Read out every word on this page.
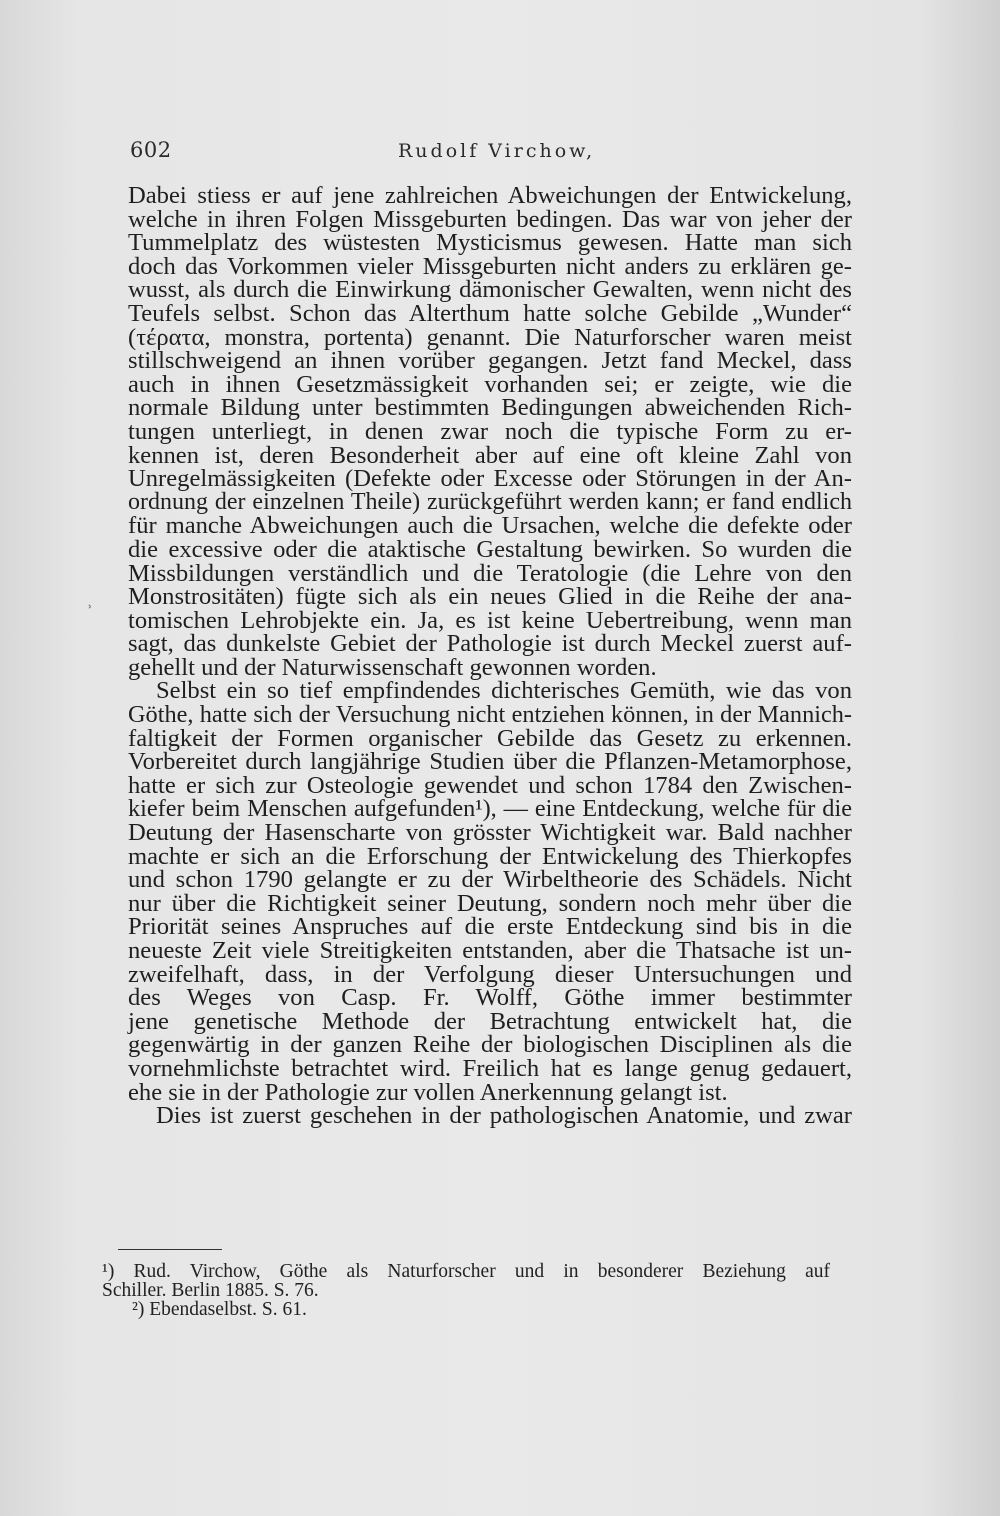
602	Rudolf Virchow,
˒
Dabei stiess er auf jene zahlreichen Abweichungen der Entwickelung,
welche in ihren Folgen Missgeburten bedingen. Das war von jeher der
Tummelplatz des wüstesten Mysticismus gewesen. Hatte man sich
doch das Vorkommen vieler Missgeburten nicht anders zu erklären ge-
wusst, als durch die Einwirkung dämonischer Gewalten, wenn nicht des
Teufels selbst. Schon das Alterthum hatte solche Gebilde „Wunder“
(τέρατα, monstra, portenta) genannt. Die Naturforscher waren meist
stillschweigend an ihnen vorüber gegangen. Jetzt fand Meckel, dass
auch in ihnen Gesetzmässigkeit vorhanden sei; er zeigte, wie die
normale Bildung unter bestimmten Bedingungen abweichenden Rich-
tungen unterliegt, in denen zwar noch die typische Form zu er-
kennen ist, deren Besonderheit aber auf eine oft kleine Zahl von
Unregelmässigkeiten (Defekte oder Excesse oder Störungen in der An-
ordnung der einzelnen Theile) zurückgeführt werden kann; er fand endlich
für manche Abweichungen auch die Ursachen, welche die defekte oder
die excessive oder die ataktische Gestaltung bewirken. So wurden die
Missbildungen verständlich und die Teratologie (die Lehre von den
Monstrositäten) fügte sich als ein neues Glied in die Reihe der ana-
tomischen Lehrobjekte ein. Ja, es ist keine Uebertreibung, wenn man
sagt, das dunkelste Gebiet der Pathologie ist durch Meckel zuerst auf-
gehellt und der Naturwissenschaft gewonnen worden.
Selbst ein so tief empfindendes dichterisches Gemüth, wie das von
Göthe, hatte sich der Versuchung nicht entziehen können, in der Mannich-
faltigkeit der Formen organischer Gebilde das Gesetz zu erkennen.
Vorbereitet durch langjährige Studien über die Pflanzen-Metamorphose,
hatte er sich zur Osteologie gewendet und schon 1784 den Zwischen-
kiefer beim Menschen aufgefunden¹), — eine Entdeckung, welche für die
Deutung der Hasenscharte von grösster Wichtigkeit war. Bald nachher
machte er sich an die Erforschung der Entwickelung des Thierkopfes
und schon 1790 gelangte er zu der Wirbeltheorie des Schädels. Nicht
nur über die Richtigkeit seiner Deutung, sondern noch mehr über die
Priorität seines Anspruches auf die erste Entdeckung sind bis in die
neueste Zeit viele Streitigkeiten entstanden, aber die Thatsache ist un-
zweifelhaft, dass, in der Verfolgung dieser Untersuchungen und
des Weges von Casp. Fr. Wolff, Göthe immer bestimmter
jene genetische Methode der Betrachtung entwickelt hat, die
gegenwärtig in der ganzen Reihe der biologischen Disciplinen als die
vornehmlichste betrachtet wird. Freilich hat es lange genug gedauert,
ehe sie in der Pathologie zur vollen Anerkennung gelangt ist.
Dies ist zuerst geschehen in der pathologischen Anatomie, und zwar
¹) Rud. Virchow, Göthe als Naturforscher und in besonderer Beziehung auf
Schiller. Berlin 1885. S. 76.
²) Ebendaselbst. S. 61.
